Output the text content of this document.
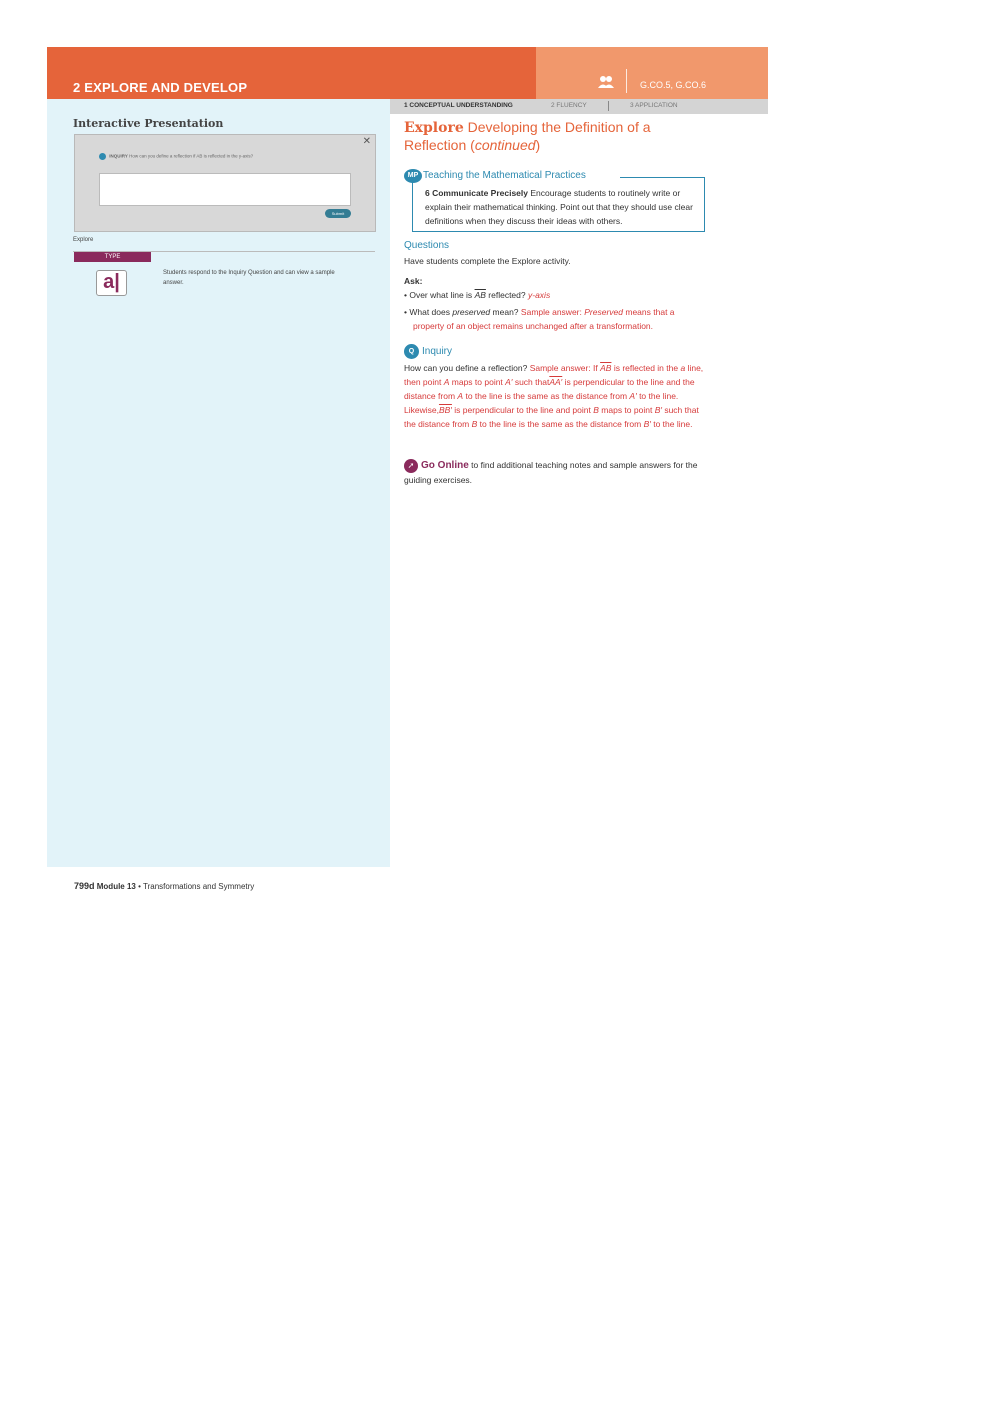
2 EXPLORE AND DEVELOP	G.CO.5, G.CO.6
Interactive Presentation
✕
INQUIRY How can you define a reflection if AB is reflected in the y-axis?
Submit
Explore
TYPE
a|	Students respond to the Inquiry Question and can view a sample answer.
1 CONCEPTUAL UNDERSTANDING	2 FLUENCY	3 APPLICATION
Explore Developing the Definition of a Reflection (continued)
MP Teaching the Mathematical Practices
6 Communicate Precisely Encourage students to routinely write or explain their mathematical thinking. Point out that they should use clear definitions when they discuss their ideas with others.
Questions
Have students complete the Explore activity.
Ask:
• Over what line is $\overline{AB}$ reflected? y-axis
• What does preserved mean? Sample answer: Preserved means that a property of an object remains unchanged after a transformation.
Q Inquiry
How can you define a reflection? Sample answer: If $\overline{AB}$ is reflected in the a line, then point A maps to point A′ such thatAA′ is perpendicular to the line and the distance from A to the line is the same as the distance from A′ to the line. Likewise,BB′ is perpendicular to the line and point B maps to point B′ such that the distance from B to the line is the same as the distance from B′ to the line.
➚ Go Online to find additional teaching notes and sample answers for the guiding exercises.
799d Module 13 • Transformations and Symmetry
